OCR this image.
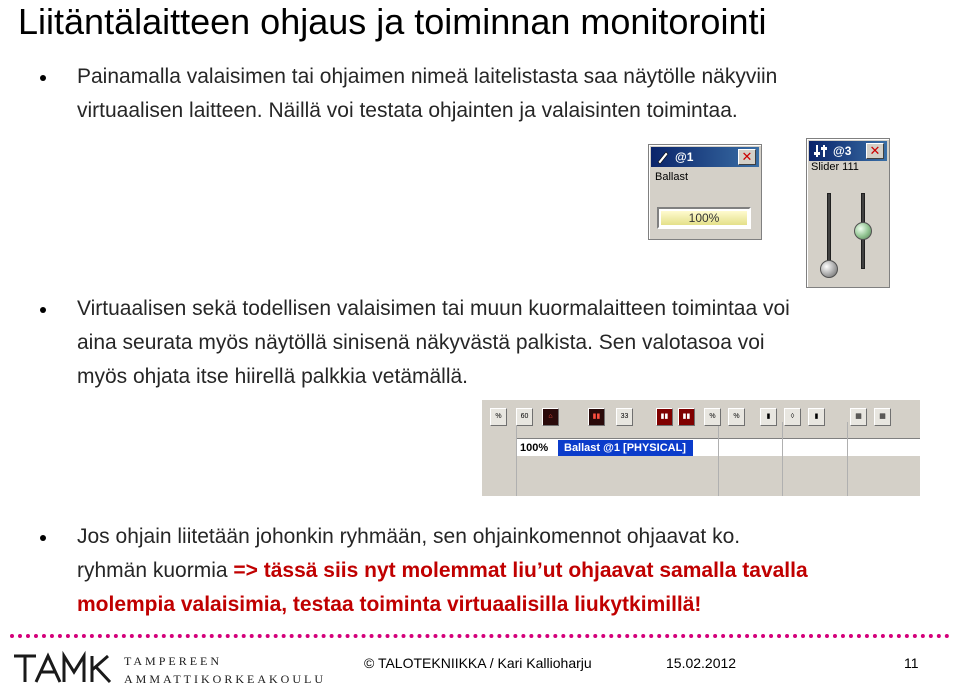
Liitäntälaitteen ohjaus ja toiminnan monitorointi
Painamalla valaisimen tai ohjaimen nimeä laitelistasta saa näytölle näkyviin
virtuaalisen laitteen. Näillä voi testata ohjainten ja valaisinten toimintaa.
@1	✕
Ballast
100%
@3 ✕
Slider 111
Virtuaalisen sekä todellisen valaisimen tai muun kuormalaitteen toimintaa voi
aina seurata myös näytöllä sinisenä näkyvästä palkista. Sen valotasoa voi
myös ohjata itse hiirellä palkkia vetämällä.
100%	Ballast @1 [PHYSICAL]
%	60	⌂	▮▮	33	▮▮	▮▮	%	%	▮	◊	▮	▦	▦
Jos ohjain liitetään johonkin ryhmään, sen ohjainkomennot ohjaavat ko.
ryhmän kuormia => tässä siis nyt molemmat liu’ut ohjaavat samalla tavalla
molempia valaisimia, testaa toiminta virtuaalisilla liukytkimillä!
TAMPEREEN
AMMATTIKORKEAKOULU
© TALOTEKNIIKKA / Kari Kallioharju	15.02.2012	11
